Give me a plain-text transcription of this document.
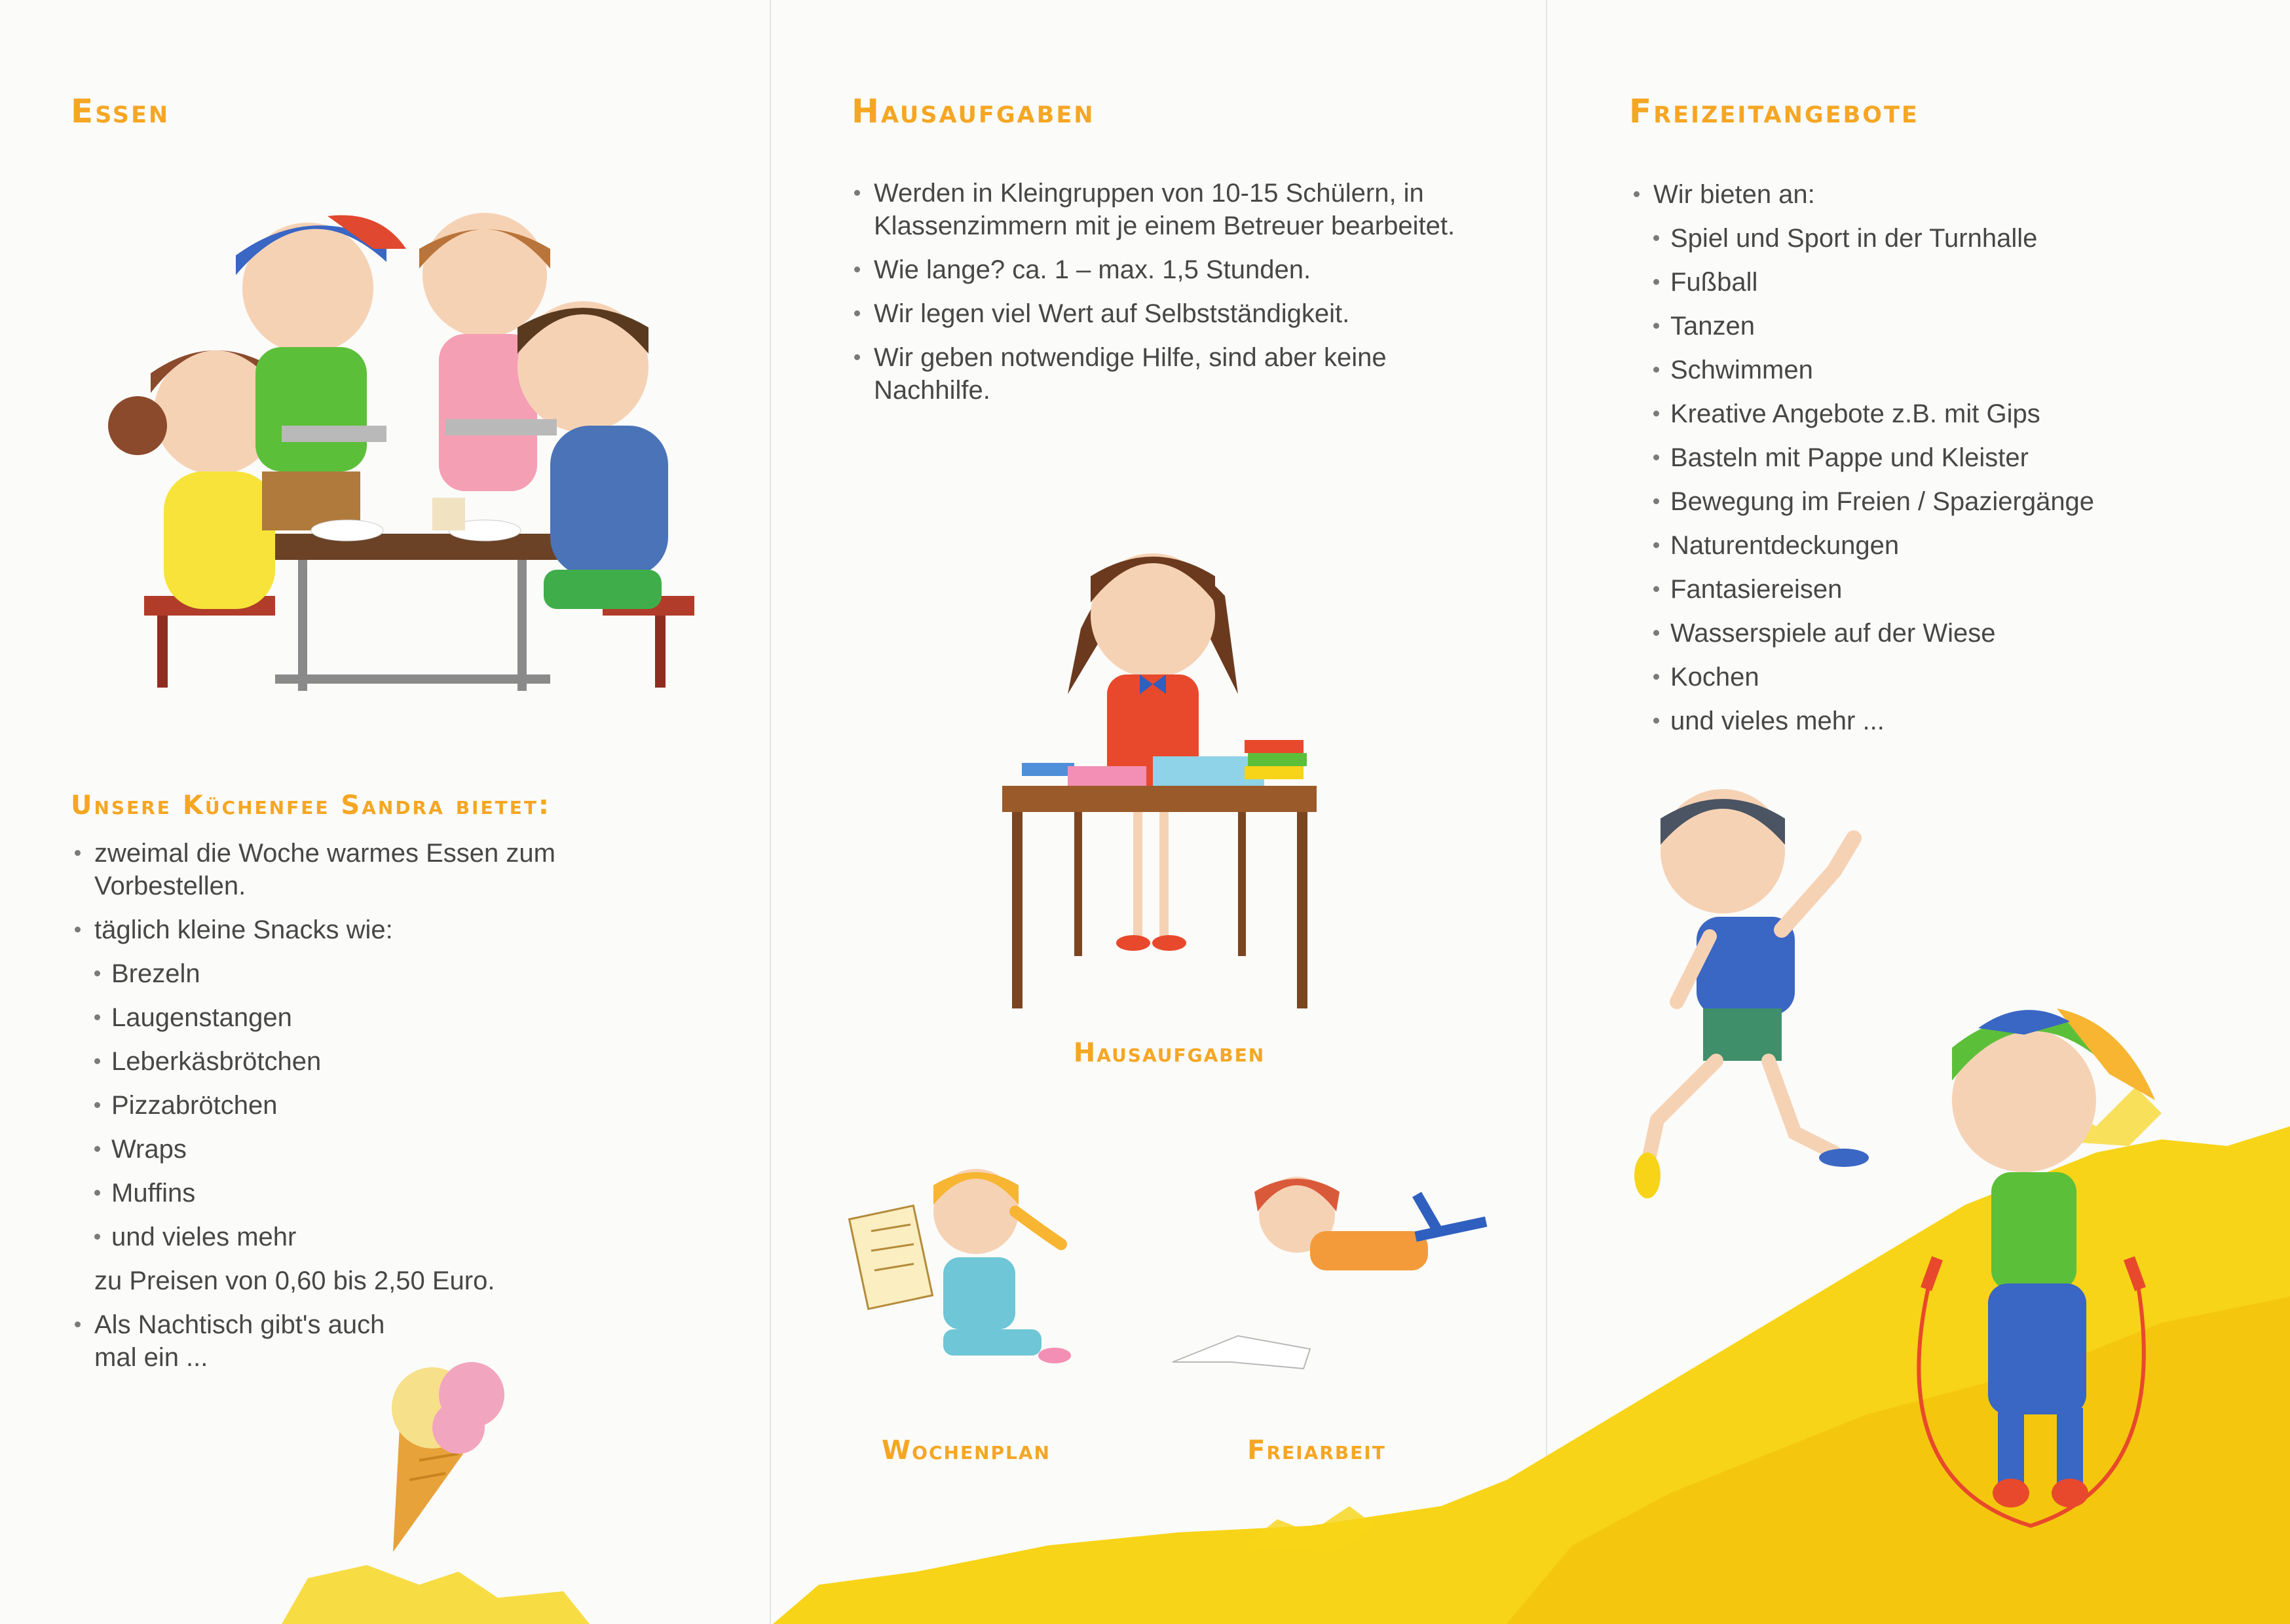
Essen
Unsere Küchenfee Sandra bietet:
zweimal die Woche warmes Essen zum Vorbestellen.
täglich kleine Snacks wie:
Brezeln
Laugenstangen
Leberkäsbrötchen
Pizzabrötchen
Wraps
Muffins
und vieles mehr
zu Preisen von 0,60 bis 2,50 Euro.
Als Nachtisch gibt's auch mal ein ...
Hausaufgaben
Werden in Kleingruppen von 10-15 Schülern, in Klassenzimmern mit je einem Betreuer bearbeitet.
Wie lange? ca. 1 – max. 1,5 Stunden.
Wir legen viel Wert auf Selbstständigkeit.
Wir geben notwendige Hilfe, sind aber keine Nachhilfe.

Hausaufgaben

Wochenplan	Freiarbeit

Freizeitangebote
Wir bieten an:
Spiel und Sport in der Turnhalle
Fußball
Tanzen
Schwimmen
Kreative Angebote z.B. mit Gips
Basteln mit Pappe und Kleister
Bewegung im Freien / Spaziergänge
Naturentdeckungen
Fantasiereisen
Wasserspiele auf der Wiese
Kochen
und vieles mehr ...
